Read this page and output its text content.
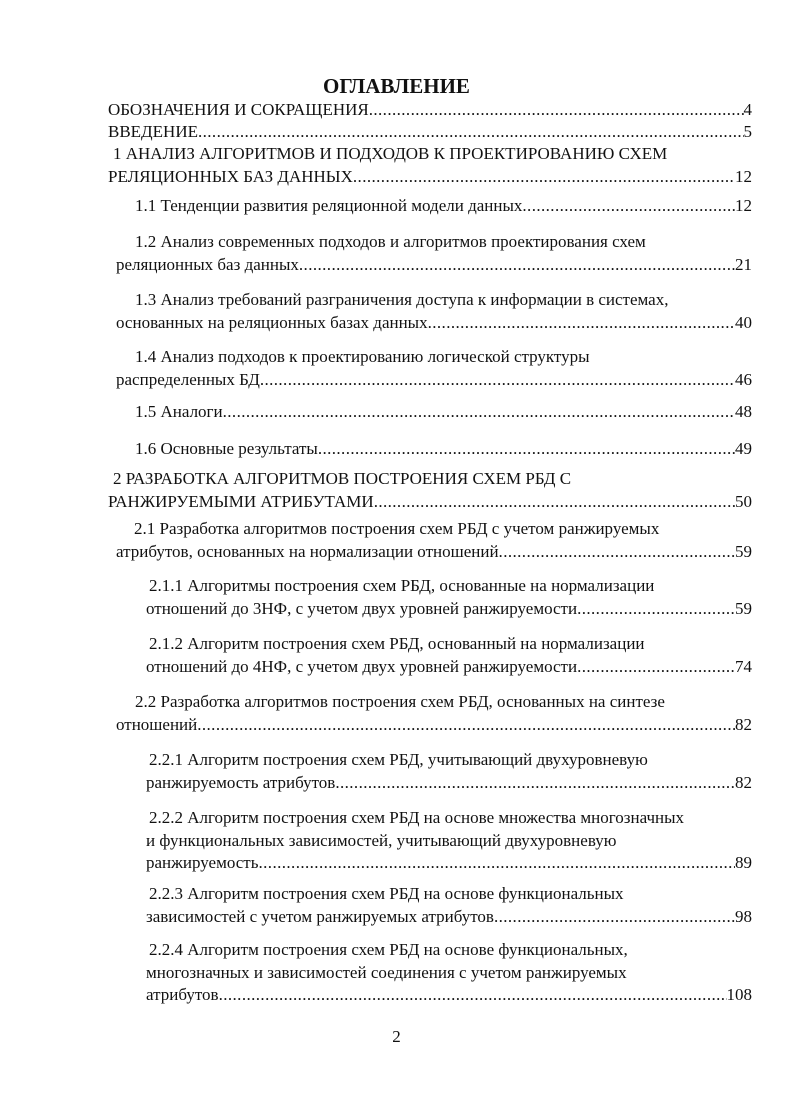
ОГЛАВЛЕНИЕ
ОБОЗНАЧЕНИЯ И СОКРАЩЕНИЯ .....	4
ВВЕДЕНИЕ .....	5
1 АНАЛИЗ АЛГОРИТМОВ И ПОДХОДОВ К ПРОЕКТИРОВАНИЮ СХЕМ
РЕЛЯЦИОННЫХ БАЗ ДАННЫХ .....	12
1.1 Тенденции развития реляционной модели данных .....	12
1.2 Анализ современных подходов и алгоритмов проектирования схем
реляционных баз данных .....	21
1.3 Анализ требований разграничения доступа к информации в системах,
основанных на реляционных базах данных .....	40
1.4 Анализ подходов к проектированию логической структуры
распределенных БД .....	46
1.5 Аналоги .....	48
1.6 Основные результаты .....	49
2 РАЗРАБОТКА АЛГОРИТМОВ ПОСТРОЕНИЯ СХЕМ РБД С
РАНЖИРУЕМЫМИ АТРИБУТАМИ .....	50
2.1 Разработка алгоритмов построения схем РБД с учетом ранжируемых
атрибутов, основанных на нормализации отношений .....	59
2.1.1 Алгоритмы построения схем РБД, основанные на нормализации
отношений до 3НФ, с учетом двух уровней ранжируемости .....	59
2.1.2 Алгоритм построения схем РБД, основанный на нормализации
отношений до 4НФ, с учетом двух уровней ранжируемости .....	74
2.2 Разработка алгоритмов построения схем РБД, основанных на синтезе
отношений .....	82
2.2.1 Алгоритм построения схем РБД, учитывающий двухуровневую
ранжируемость атрибутов .....	82
2.2.2 Алгоритм построения схем РБД на основе множества многозначных
и функциональных зависимостей, учитывающий двухуровневую
ранжируемость .....	89
2.2.3 Алгоритм построения схем РБД на основе функциональных
зависимостей с учетом ранжируемых атрибутов .....	98
2.2.4 Алгоритм построения схем РБД на основе функциональных,
многозначных и зависимостей соединения с учетом ранжируемых
атрибутов .....	108
2
